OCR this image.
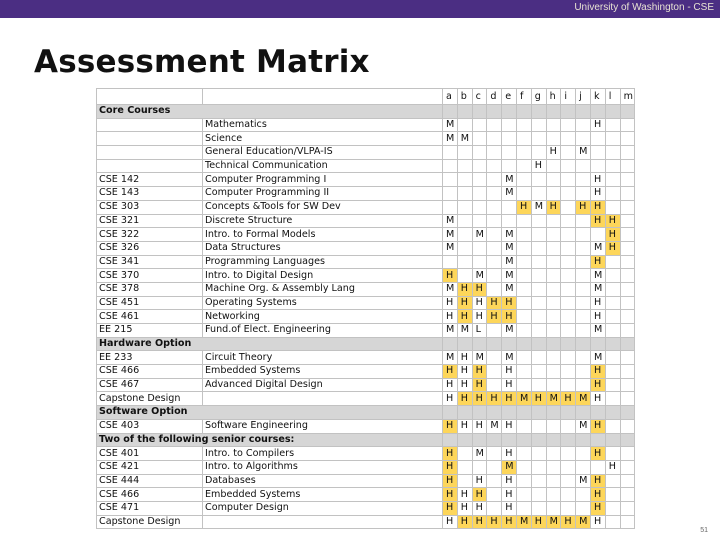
University of Washington - CSE
Assessment Matrix
		a	b	c	d	e	f	g	h	i	j	k	l	m
Core Courses														
	Mathematics	M										H		
	Science	M	M											
	General Education/VLPA-IS								H		M			
	Technical Communication							H						
CSE 142	Computer Programming I					M						H		
CSE 143	Computer Programming II					M						H		
CSE 303	Concepts &Tools for SW Dev						H	M	H		H	H		
CSE 321	Discrete Structure	M										H	H	
CSE 322	Intro. to Formal Models	M		M		M							H	
CSE 326	Data Structures	M				M						M	H	
CSE 341	Programming Languages					M						H		
CSE 370	Intro. to Digital Design	H		M		M						M		
CSE 378	Machine Org. & Assembly Lang	M	H	H		M						M		
CSE 451	Operating Systems	H	H	H	H	H						H		
CSE 461	Networking	H	H	H	H	H						H		
EE 215	Fund.of Elect. Engineering	M	M	L		M						M		
Hardware Option														
EE 233	Circuit Theory	M	H	M		M						M		
CSE 466	Embedded Systems	H	H	H		H						H		
CSE 467	Advanced Digital Design	H	H	H		H						H		
Capstone Design		H	H	H	H	H	M	H	M	H	M	H		
Software Option														
CSE 403	Software Engineering	H	H	H	M	H					M	H		
Two of the following senior courses:														
CSE 401	Intro. to Compilers	H		M		H						H		
CSE 421	Intro. to Algorithms	H				M							H	
CSE 444	Databases	H		H		H					M	H		
CSE 466	Embedded Systems	H	H	H		H						H		
CSE 471	Computer Design	H	H	H		H						H		
Capstone Design		H	H	H	H	H	M	H	M	H	M	H		
51
